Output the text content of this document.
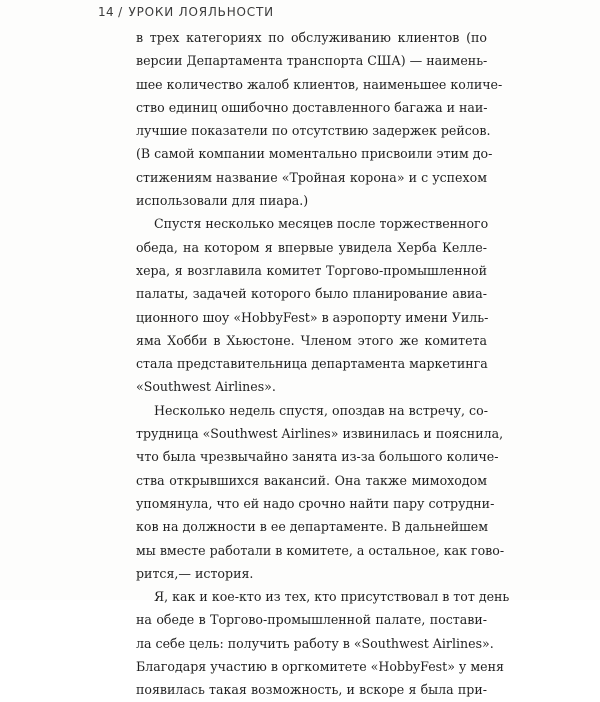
14 / УРОКИ ЛОЯЛЬНОСТИ
в трех категориях по обслуживанию клиентов (по
версии Департамента транспорта США) — наимень-
шее количество жалоб клиентов, наименьшее количе-
ство единиц ошибочно доставленного багажа и наи-
лучшие показатели по отсутствию задержек рейсов.
(В самой компании моментально присвоили этим до-
стижениям название «Тройная корона» и с успехом
использовали для пиара.)
Спустя несколько месяцев после торжественного
обеда, на котором я впервые увидела Херба Келле-
хера, я возглавила комитет Торгово-промышленной
палаты, задачей которого было планирование авиа-
ционного шоу «HobbyFest» в аэропорту имени Уиль-
яма Хобби в Хьюстоне. Членом этого же комитета
стала представительница департамента маркетинга
«Southwest Airlines».
Несколько недель спустя, опоздав на встречу, со-
трудница «Southwest Airlines» извинилась и пояснила,
что была чрезвычайно занята из-за большого количе-
ства открывшихся вакансий. Она также мимоходом
упомянула, что ей надо срочно найти пару сотрудни-
ков на должности в ее департаменте. В дальнейшем
мы вместе работали в комитете, а остальное, как гово-
рится,— история.
Я, как и кое-кто из тех, кто присутствовал в тот день
на обеде в Торгово-промышленной палате, постави-
ла себе цель: получить работу в «Southwest Airlines».
Благодаря участию в оргкомитете «HobbyFest» у меня
появилась такая возможность, и вскоре я была при-
